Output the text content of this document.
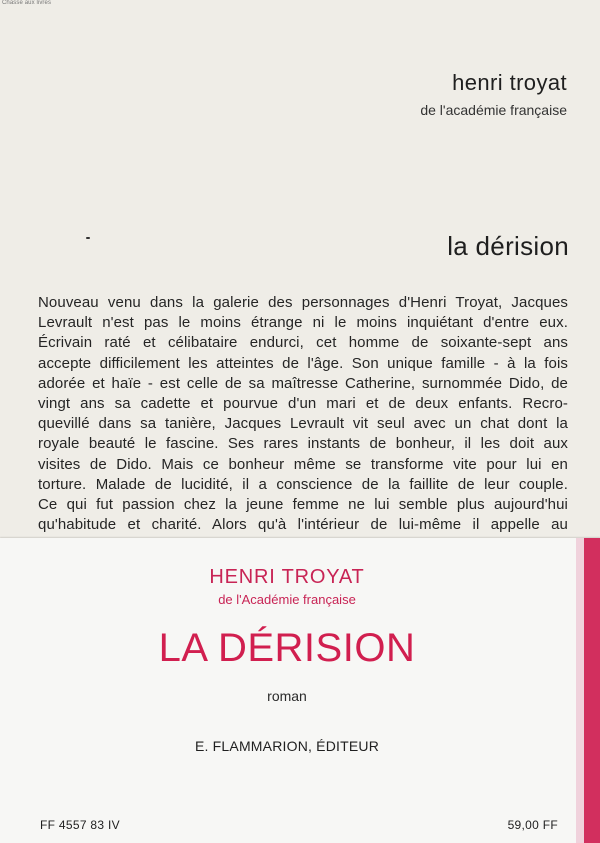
Chasse aux livres
henri troyat
de l'académie française
la dérision
Nouveau venu dans la galerie des personnages d'Henri Troyat, Jacques
Levrault n'est pas le moins étrange ni le moins inquiétant d'entre eux.
Écrivain raté et célibataire endurci, cet homme de soixante-sept ans
accepte difficilement les atteintes de l'âge. Son unique famille - à la fois
adorée et haïe - est celle de sa maîtresse Catherine, surnommée Dido, de
vingt ans sa cadette et pourvue d'un mari et de deux enfants. Recro-
quevillé dans sa tanière, Jacques Levrault vit seul avec un chat dont la
royale beauté le fascine. Ses rares instants de bonheur, il les doit aux
visites de Dido. Mais ce bonheur même se transforme vite pour lui en
torture. Malade de lucidité, il a conscience de la faillite de leur couple.
Ce qui fut passion chez la jeune femme ne lui semble plus aujourd'hui
qu'habitude et charité. Alors qu'à l'intérieur de lui-même il appelle au
HENRI TROYAT
de l'Académie française
LA DÉRISION
roman
E. FLAMMARION, ÉDITEUR
FF 4557 83 IV	59,00 FF
